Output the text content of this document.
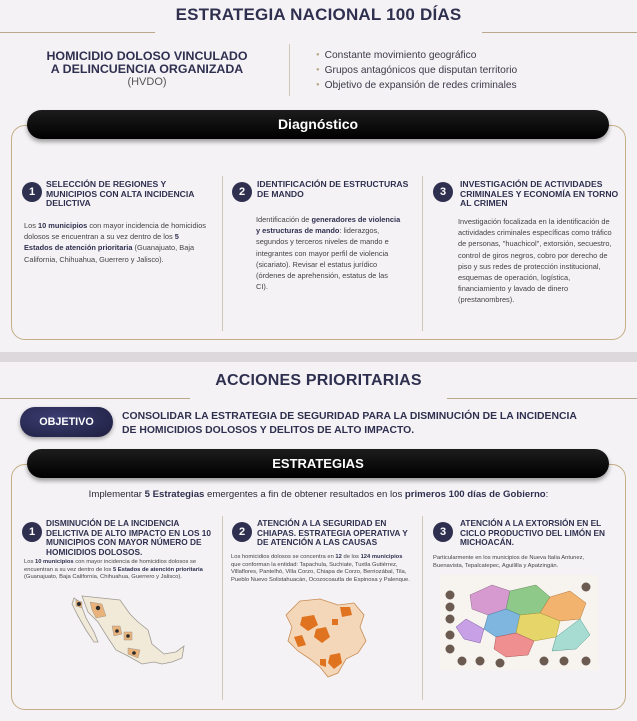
ESTRATEGIA NACIONAL 100 DÍAS
HOMICIDIO DOLOSO VINCULADO
A DELINCUENCIA ORGANIZADA
(HVDO)
● Constante movimiento geográfico
● Grupos antagónicos que disputan territorio
● Objetivo de expansión de redes criminales
Diagnóstico
1
SELECCIÓN DE REGIONES Y MUNICIPIOS CON ALTA INCIDENCIA DELICTIVA
Los 10 municipios con mayor incidencia de homicidios dolosos se encuentran a su vez dentro de los 5 Estados de atención prioritaria (Guanajuato, Baja California, Chihuahua, Guerrero y Jalisco).
2
IDENTIFICACIÓN DE ESTRUCTURAS DE MANDO
Identificación de generadores de violencia y estructuras de mando: liderazgos, segundos y terceros niveles de mando e integrantes con mayor perfil de violencia (sicariato). Revisar el estatus jurídico (órdenes de aprehensión, estatus de las CI).
3
INVESTIGACIÓN DE ACTIVIDADES CRIMINALES Y ECONOMÍA EN TORNO AL CRIMEN
Investigación focalizada en la identificación de actividades criminales específicas como tráfico de personas, "huachicol", extorsión, secuestro, control de giros negros, cobro por derecho de piso y sus redes de protección institucional, esquemas de operación, logística, financiamiento y lavado de dinero (prestanombres).
ACCIONES PRIORITARIAS
OBJETIVO	CONSOLIDAR LA ESTRATEGIA DE SEGURIDAD PARA LA DISMINUCIÓN DE LA INCIDENCIA
DE HOMICIDIOS DOLOSOS Y DELITOS DE ALTO IMPACTO.
ESTRATEGIAS
Implementar 5 Estrategias emergentes a fin de obtener resultados en los primeros 100 días de Gobierno:
1
DISMINUCIÓN DE LA INCIDENCIA DELICTIVA DE ALTO IMPACTO EN LOS 10 MUNICIPIOS CON MAYOR NÚMERO DE HOMICIDIOS DOLOSOS.
Los 10 municipios con mayor incidencia de homicidios dolosos se encuentran a su vez dentro de los 5 Estados de atención prioritaria (Guanajuato, Baja California, Chihuahua, Guerrero y Jalisco).
2
ATENCIÓN A LA SEGURIDAD EN CHIAPAS. ESTRATEGIA OPERATIVA Y DE ATENCIÓN A LAS CAUSAS
Los homicidios dolosos se concentra en 12 de los 124 municipios que conforman la entidad: Tapachula, Suchiate, Tuxtla Gutiérrez, Villaflores, Pantelhó, Villa Corzo, Chiapa de Corzo, Berriozábal, Tila, Pueblo Nuevo Solistahuacán, Ocozocoautla de Espinosa y Palenque.
3
ATENCIÓN A LA EXTORSIÓN EN EL CICLO PRODUCTIVO DEL LIMÓN EN MICHOACÁN.
Particularmente en los municipios de Nueva Italia Antunez, Buenavista, Tepalcatepec, Aguililla y Apatzingán.
